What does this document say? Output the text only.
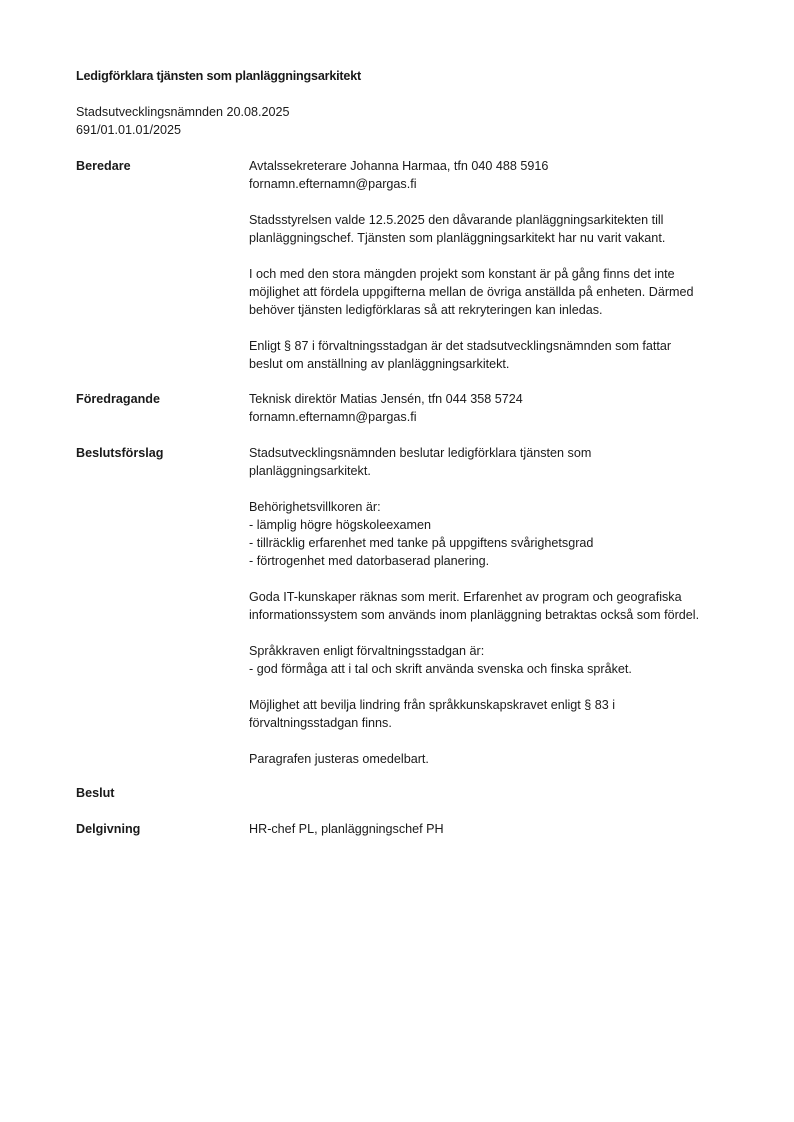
Ledigförklara tjänsten som planläggningsarkitekt
Stadsutvecklingsnämnden 20.08.2025
691/01.01.01/2025
Beredare	Avtalssekreterare Johanna Harmaa, tfn 040 488 5916
fornamn.efternamn@pargas.fi

Stadsstyrelsen valde 12.5.2025 den dåvarande planläggningsarkitekten till
planläggningschef. Tjänsten som planläggningsarkitekt har nu varit vakant.

I och med den stora mängden projekt som konstant är på gång finns det inte
möjlighet att fördela uppgifterna mellan de övriga anställda på enheten. Därmed
behöver tjänsten ledigförklaras så att rekryteringen kan inledas.

Enligt § 87 i förvaltningsstadgan är det stadsutvecklingsnämnden som fattar
beslut om anställning av planläggningsarkitekt.

Föredragande	Teknisk direktör Matias Jensén, tfn 044 358 5724
fornamn.efternamn@pargas.fi

Beslutsförslag	Stadsutvecklingsnämnden beslutar ledigförklara tjänsten som
planläggningsarkitekt.

Behörighetsvillkoren är:
- lämplig högre högskoleexamen
- tillräcklig erfarenhet med tanke på uppgiftens svårighetsgrad
- förtrogenhet med datorbaserad planering.

Goda IT-kunskaper räknas som merit. Erfarenhet av program och geografiska
informationssystem som används inom planläggning betraktas också som fördel.

Språkkraven enligt förvaltningsstadgan är:
- god förmåga att i tal och skrift använda svenska och finska språket.

Möjlighet att bevilja lindring från språkkunskapskravet enligt § 83 i
förvaltningsstadgan finns.

Paragrafen justeras omedelbart.

Beslut
Delgivning	HR-chef PL, planläggningschef PH
